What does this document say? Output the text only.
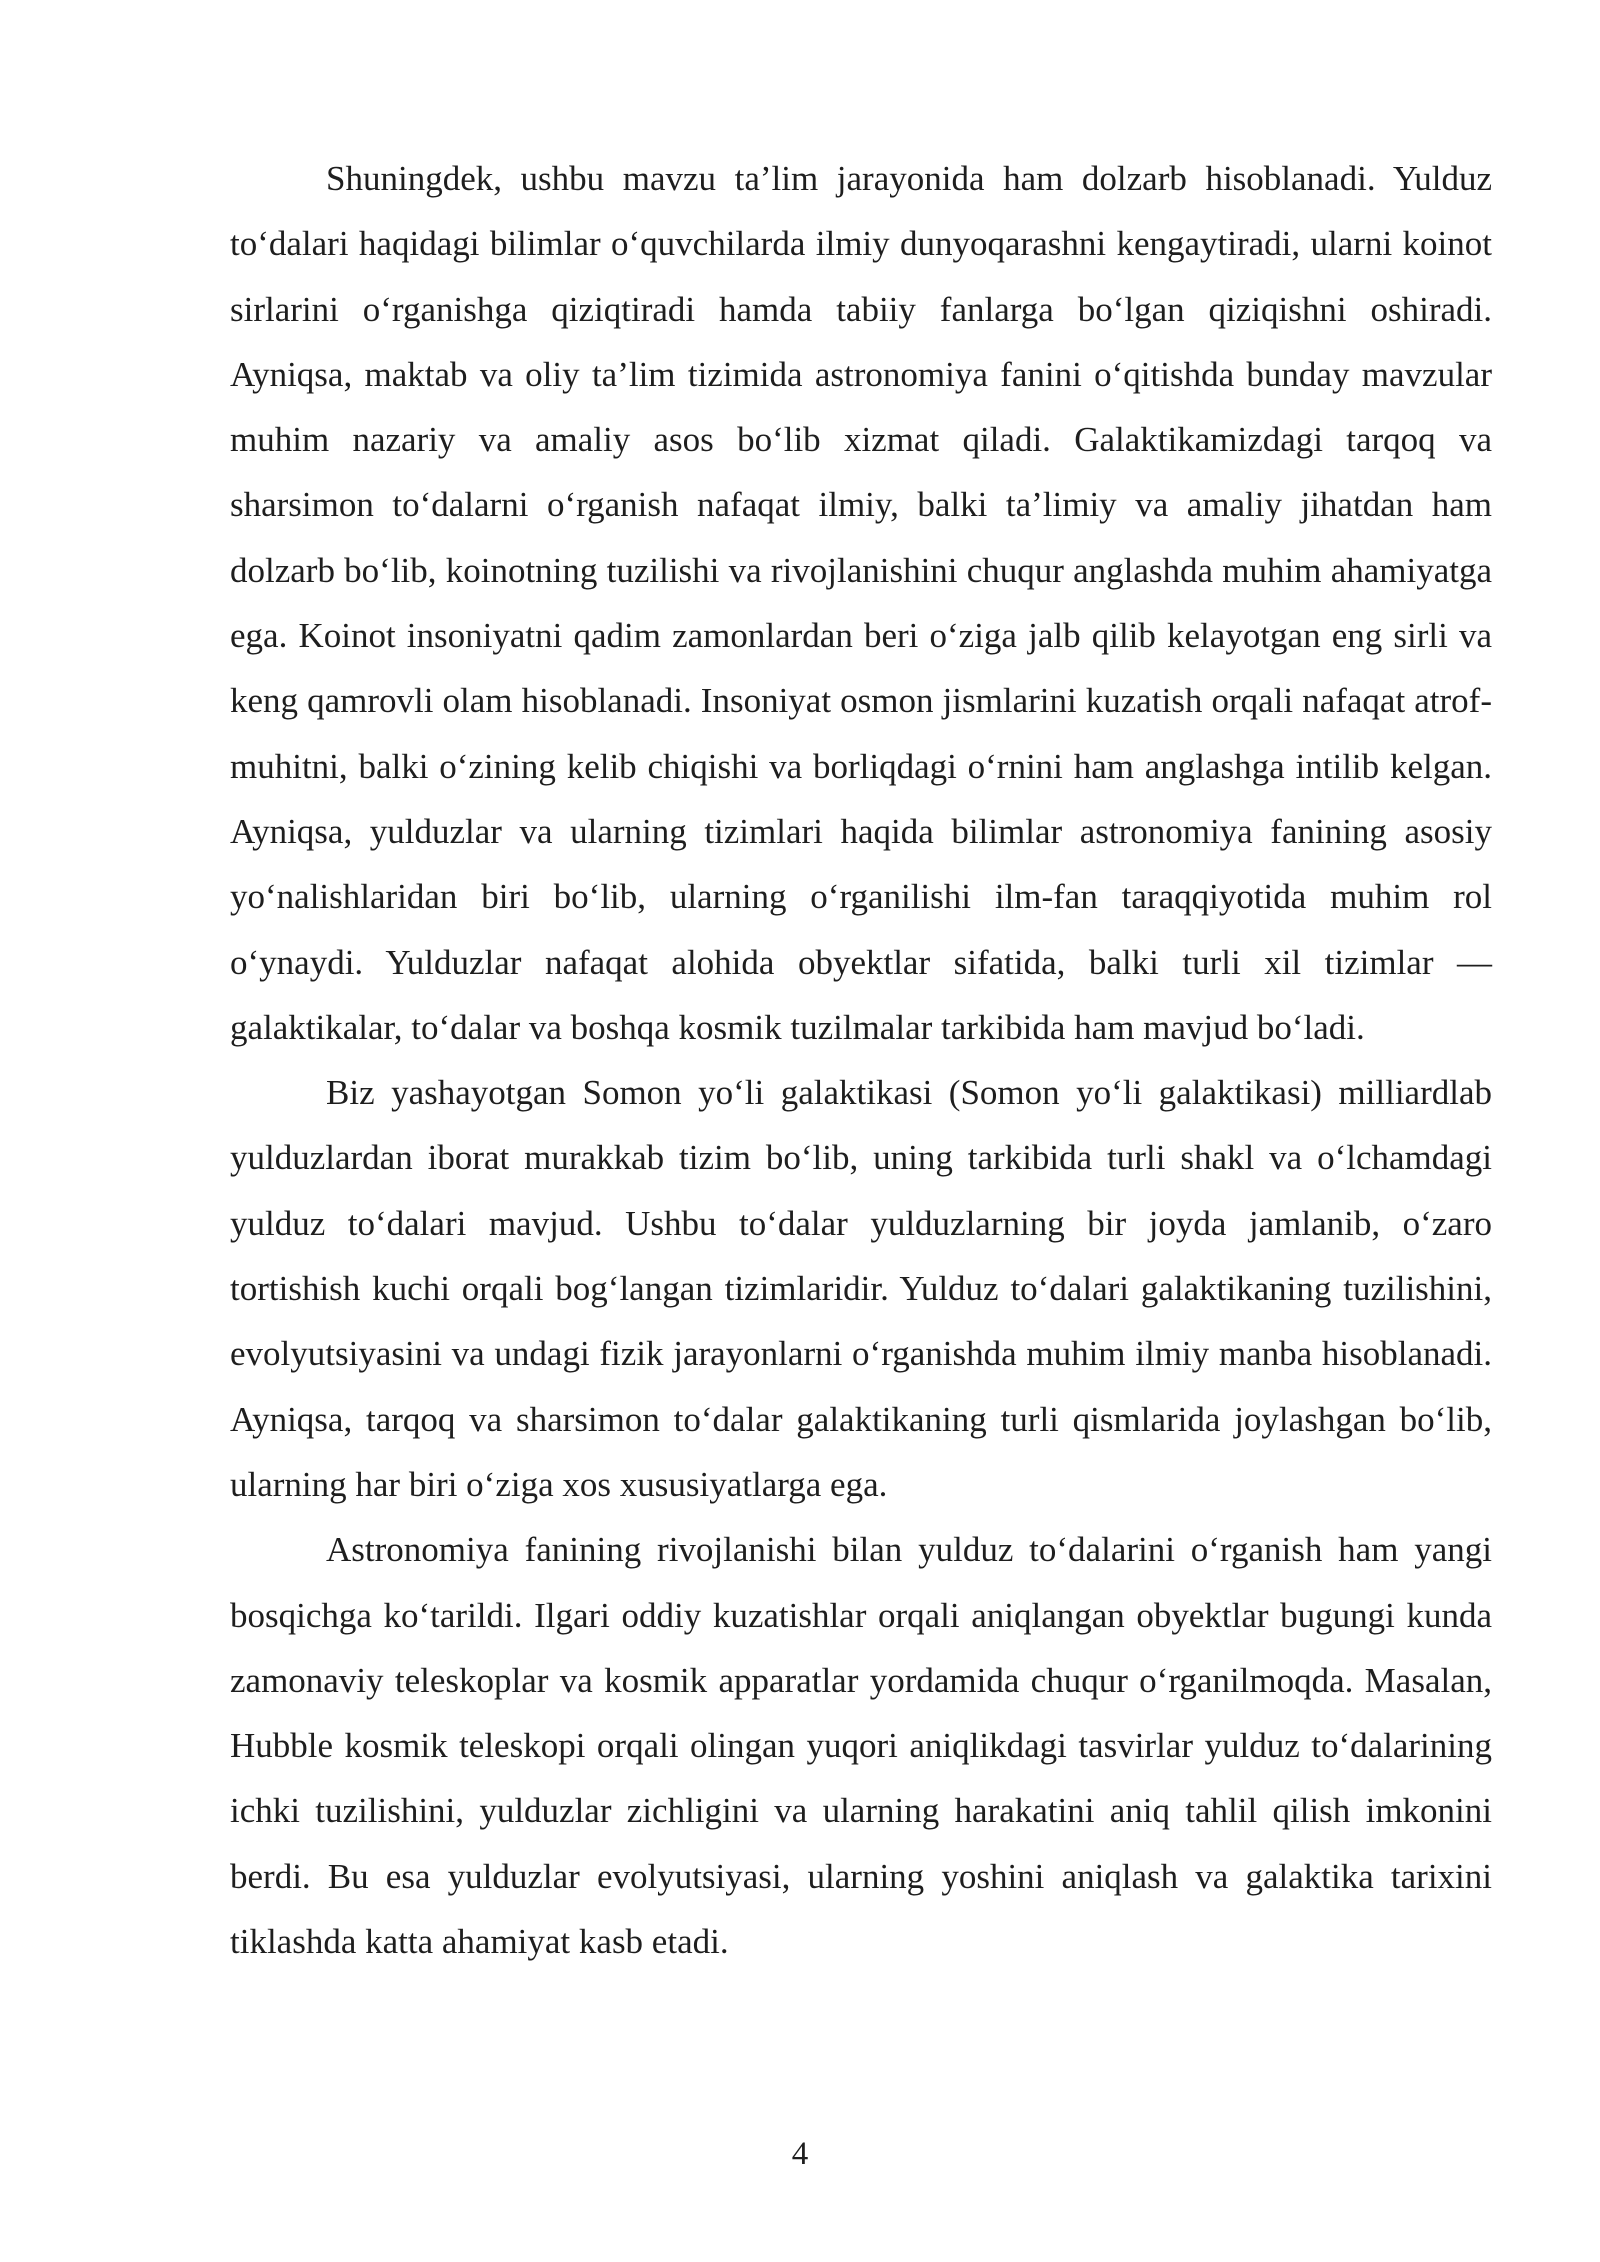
Shuningdek, ushbu mavzu ta’lim jarayonida ham dolzarb hisoblanadi. Yulduz to‘dalari haqidagi bilimlar o‘quvchilarda ilmiy dunyoqarashni kengaytiradi, ularni koinot sirlarini o‘rganishga qiziqtiradi hamda tabiiy fanlarga bo‘lgan qiziqishni oshiradi. Ayniqsa, maktab va oliy ta’lim tizimida astronomiya fanini o‘qitishda bunday mavzular muhim nazariy va amaliy asos bo‘lib xizmat qiladi. Galaktikamizdagi tarqoq va sharsimon to‘dalarni o‘rganish nafaqat ilmiy, balki ta’limiy va amaliy jihatdan ham dolzarb bo‘lib, koinotning tuzilishi va rivojlanishini chuqur anglashda muhim ahamiyatga ega. Koinot insoniyatni qadim zamonlardan beri o‘ziga jalb qilib kelayotgan eng sirli va keng qamrovli olam hisoblanadi. Insoniyat osmon jismlarini kuzatish orqali nafaqat atrof-muhitni, balki o‘zining kelib chiqishi va borliqdagi o‘rnini ham anglashga intilib kelgan. Ayniqsa, yulduzlar va ularning tizimlari haqida bilimlar astronomiya fanining asosiy yo‘nalishlaridan biri bo‘lib, ularning o‘rganilishi ilm-fan taraqqiyotida muhim rol o‘ynaydi. Yulduzlar nafaqat alohida obyektlar sifatida, balki turli xil tizimlar — galaktikalar, to‘dalar va boshqa kosmik tuzilmalar tarkibida ham mavjud bo‘ladi.

Biz yashayotgan Somon yo‘li galaktikasi (Somon yo‘li galaktikasi) milliardlab yulduzlardan iborat murakkab tizim bo‘lib, uning tarkibida turli shakl va o‘lchamdagi yulduz to‘dalari mavjud. Ushbu to‘dalar yulduzlarning bir joyda jamlanib, o‘zaro tortishish kuchi orqali bog‘langan tizimlaridir. Yulduz to‘dalari galaktikaning tuzilishini, evolyutsiyasini va undagi fizik jarayonlarni o‘rganishda muhim ilmiy manba hisoblanadi. Ayniqsa, tarqoq va sharsimon to‘dalar galaktikaning turli qismlarida joylashgan bo‘lib, ularning har biri o‘ziga xos xususiyatlarga ega.

Astronomiya fanining rivojlanishi bilan yulduz to‘dalarini o‘rganish ham yangi bosqichga ko‘tarildi. Ilgari oddiy kuzatishlar orqali aniqlangan obyektlar bugungi kunda zamonaviy teleskoplar va kosmik apparatlar yordamida chuqur o‘rganilmoqda. Masalan, Hubble kosmik teleskopi orqali olingan yuqori aniqlikdagi tasvirlar yulduz to‘dalarining ichki tuzilishini, yulduzlar zichligini va ularning harakatini aniq tahlil qilish imkonini berdi. Bu esa yulduzlar evolyutsiyasi, ularning yoshini aniqlash va galaktika tarixini tiklashda katta ahamiyat kasb etadi.

4
